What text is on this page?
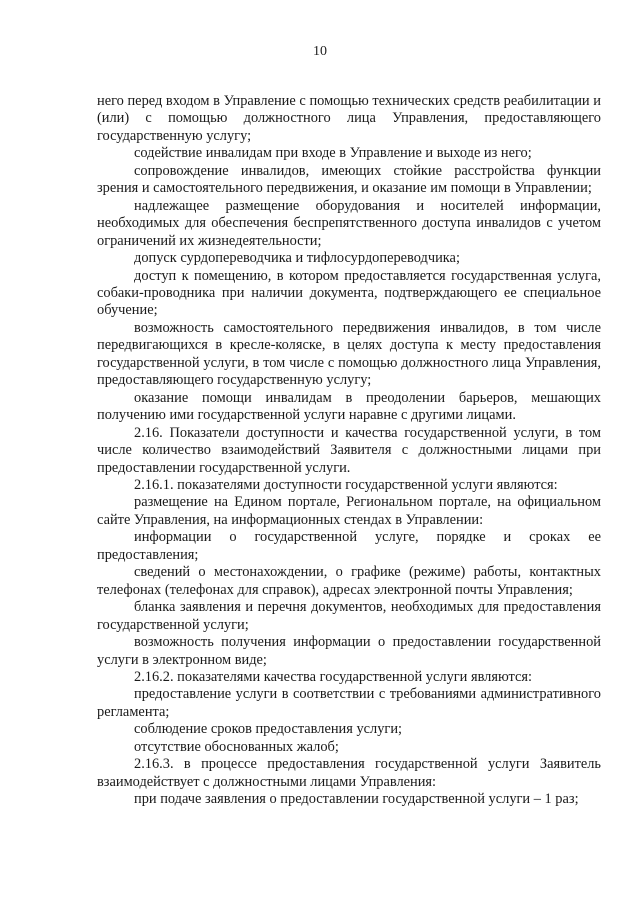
10

него перед входом в Управление с помощью технических средств реабилитации и (или) с помощью должностного лица Управления, предоставляющего государственную услугу;

содействие инвалидам при входе в Управление и выходе из него;

сопровождение инвалидов, имеющих стойкие расстройства функции зрения и самостоятельного передвижения, и оказание им помощи в Управлении;

надлежащее размещение оборудования и носителей информации, необходимых для обеспечения беспрепятственного доступа инвалидов с учетом ограничений их жизнедеятельности;

допуск сурдопереводчика и тифлосурдопереводчика;

доступ к помещению, в котором предоставляется государственная услуга, собаки-проводника при наличии документа, подтверждающего ее специальное обучение;

возможность самостоятельного передвижения инвалидов, в том числе передвигающихся в кресле-коляске, в целях доступа к месту предоставления государственной услуги, в том числе с помощью должностного лица Управления, предоставляющего государственную услугу;

оказание помощи инвалидам в преодолении барьеров, мешающих получению ими государственной услуги наравне с другими лицами.

2.16. Показатели доступности и качества государственной услуги, в том числе количество взаимодействий Заявителя с должностными лицами при предоставлении государственной услуги.

2.16.1. показателями доступности государственной услуги являются:

размещение на Едином портале, Региональном портале, на официальном сайте Управления, на информационных стендах в Управлении:

информации о государственной услуге, порядке и сроках ее предоставления;

сведений о местонахождении, о графике (режиме) работы, контактных телефонах (телефонах для справок), адресах электронной почты Управления;

бланка заявления и перечня документов, необходимых для предоставления государственной услуги;

возможность получения информации о предоставлении государственной услуги в электронном виде;

2.16.2. показателями качества государственной услуги являются:

предоставление услуги в соответствии с требованиями административного регламента;

соблюдение сроков предоставления услуги;

отсутствие обоснованных жалоб;

2.16.3. в процессе предоставления государственной услуги Заявитель взаимодействует с должностными лицами Управления:

при подаче заявления о предоставлении государственной услуги – 1 раз;
